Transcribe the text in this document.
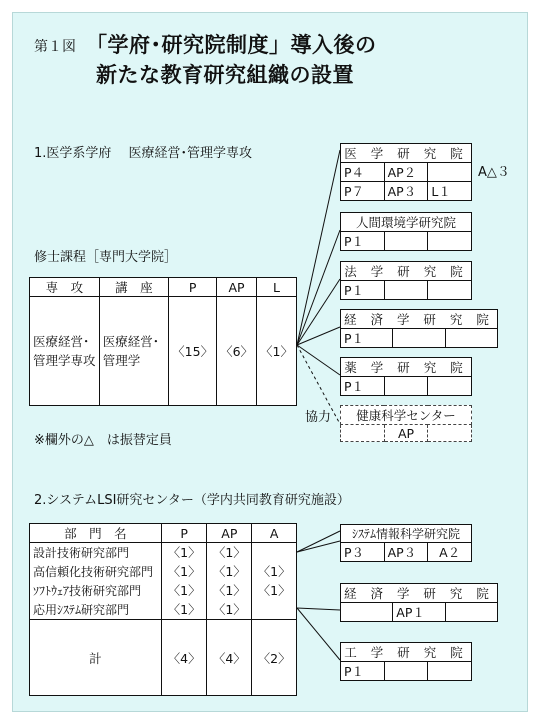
第１図 「学府･研究院制度」導入後の
新たな教育研究組織の設置
1.医学系学府　 医療経営･管理学専攻
修士課程［専門大学院］
専　攻	講　座	P	AP	L
医療経営･
管理学専攻	医療経営･
管理学	〈15〉	〈6〉	〈1〉
※欄外の△　は振替定員
医 学 研 究 院		
P４	AP２	
P７	AP３	L１
A△３
人間環境学研究院
P１		
法 学 研 究 院
P１		
経 済 学 研 究 院
P１		
薬 学 研 究 院
P１		
協力 健康科学センター
	AP	
2.システムLSI研究センター（学内共同教育研究施設）
部　門　名	P	AP	A
設計技術研究部門	〈1〉	〈1〉	
高信頼化技術研究部門	〈1〉	〈1〉	〈1〉
ｿﾌﾄｳｪｱ技術研究部門	〈1〉	〈1〉	〈1〉
応用ｼｽﾃﾑ研究部門	〈1〉	〈1〉	
計	〈4〉	〈4〉	〈2〉
ｼｽﾃﾑ情報科学研究院
P３	AP３	A２
経 済 学 研 究 院
	AP１	
工 学 研 究 院
P１		
